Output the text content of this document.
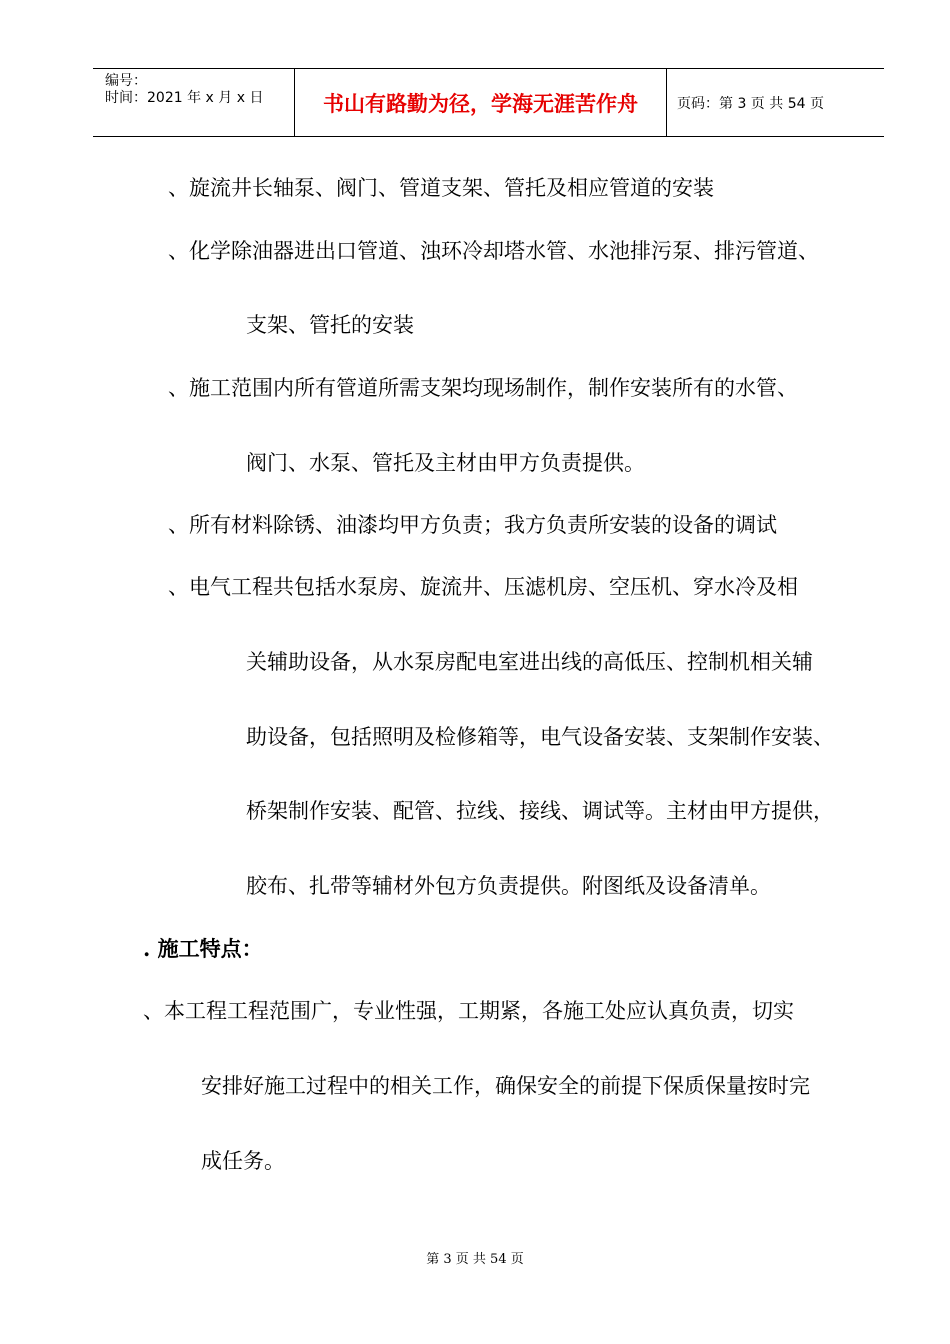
编号：
时间：2021 年 x 月 x 日	书山有路勤为径，学海无涯苦作舟	页码：第 3 页 共 54 页
、旋流井长轴泵、阀门、管道支架、管托及相应管道的安装
、化学除油器进出口管道、浊环冷却塔水管、水池排污泵、排污管道、
支架、管托的安装
、施工范围内所有管道所需支架均现场制作，制作安装所有的水管、
阀门、水泵、管托及主材由甲方负责提供。
、所有材料除锈、油漆均甲方负责；我方负责所安装的设备的调试
、电气工程共包括水泵房、旋流井、压滤机房、空压机、穿水冷及相
关辅助设备，从水泵房配电室进出线的高低压、控制机相关辅
助设备，包括照明及检修箱等，电气设备安装、支架制作安装、
桥架制作安装、配管、拉线、接线、调试等。主材由甲方提供，
胶布、扎带等辅材外包方负责提供。附图纸及设备清单。
. 施工特点：
、本工程工程范围广，专业性强，工期紧，各施工处应认真负责，切实
安排好施工过程中的相关工作，确保安全的前提下保质保量按时完
成任务。
第 3 页 共 54 页
